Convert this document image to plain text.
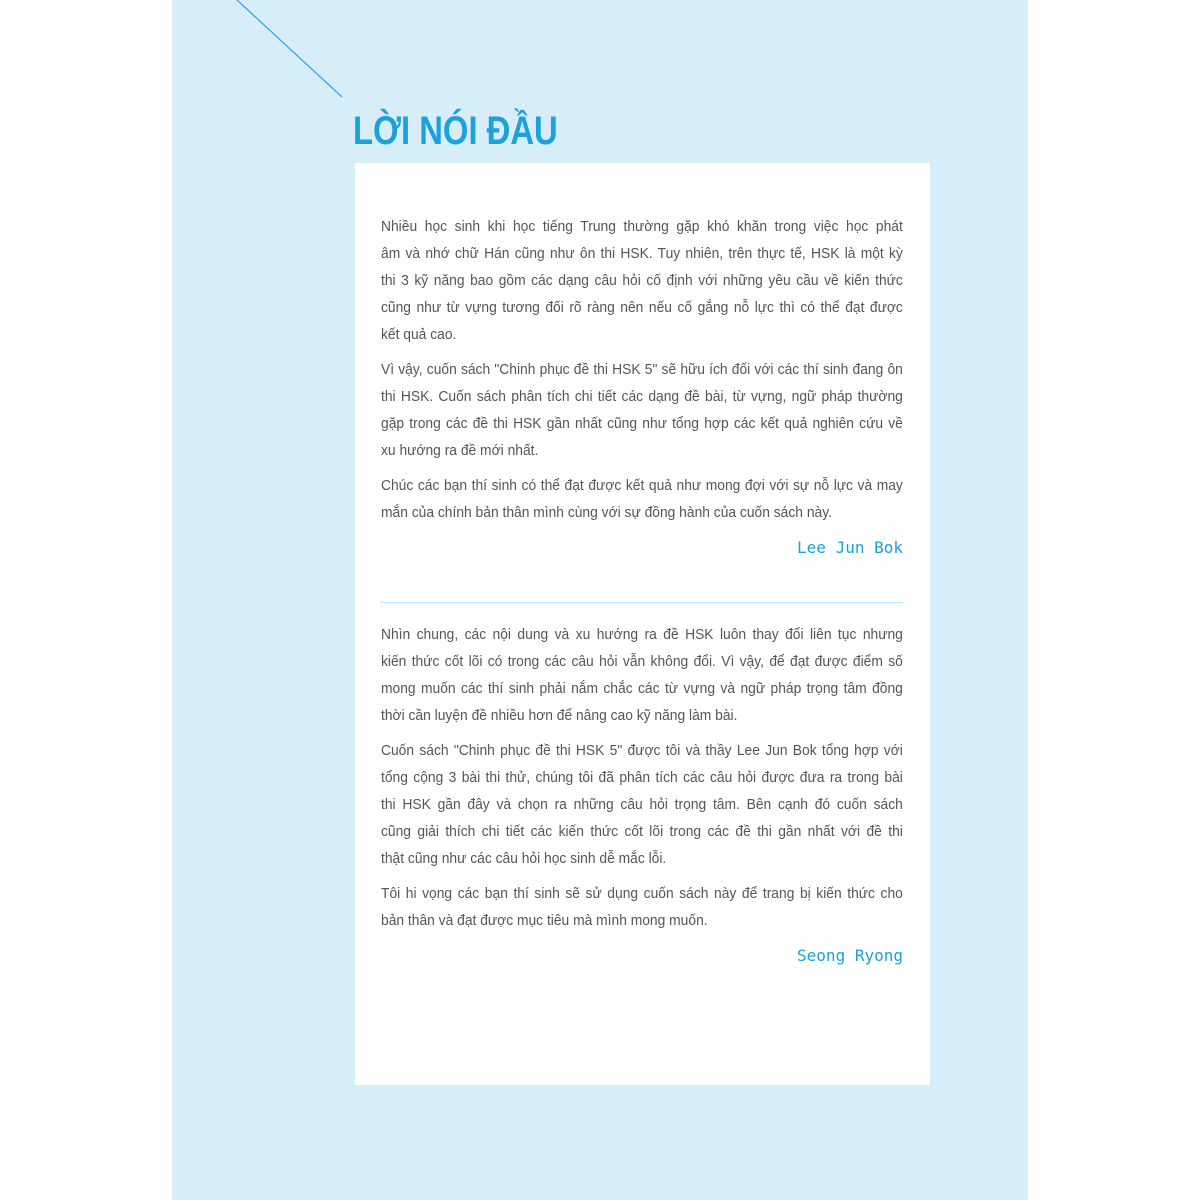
LỜI NÓI ĐẦU

Nhiều học sinh khi học tiếng Trung thường gặp khó khăn trong việc học phát
âm và nhớ chữ Hán cũng như ôn thi HSK. Tuy nhiên, trên thực tế, HSK là một kỳ
thi 3 kỹ năng bao gồm các dạng câu hỏi cố định với những yêu cầu về kiến thức
cũng như từ vựng tương đối rõ ràng nên nếu cố gắng nỗ lực thì có thể đạt được
kết quả cao.

Vì vậy, cuốn sách "Chinh phục đề thi HSK 5" sẽ hữu ích đối với các thí sinh đang ôn
thi HSK. Cuốn sách phân tích chi tiết các dạng đề bài, từ vựng, ngữ pháp thường
gặp trong các đề thi HSK gần nhất cũng như tổng hợp các kết quả nghiên cứu về
xu hướng ra đề mới nhất.

Chúc các bạn thí sinh có thể đạt được kết quả như mong đợi với sự nỗ lực và may
mắn của chính bản thân mình cùng với sự đồng hành của cuốn sách này.

Lee Jun Bok

Nhìn chung, các nội dung và xu hướng ra đề HSK luôn thay đổi liên tục nhưng
kiến thức cốt lõi có trong các câu hỏi vẫn không đổi. Vì vậy, để đạt được điểm số
mong muốn các thí sinh phải nắm chắc các từ vựng và ngữ pháp trọng tâm đồng
thời cần luyện đề nhiều hơn để nâng cao kỹ năng làm bài.

Cuốn sách "Chinh phục đề thi HSK 5" được tôi và thầy Lee Jun Bok tổng hợp với
tổng cộng 3 bài thi thử, chúng tôi đã phân tích các câu hỏi được đưa ra trong bài
thi HSK gần đây và chọn ra những câu hỏi trọng tâm. Bên cạnh đó cuốn sách
cũng giải thích chi tiết các kiến thức cốt lõi trong các đề thi gần nhất với đề thi
thật cũng như các câu hỏi học sinh dễ mắc lỗi.

Tôi hi vọng các bạn thí sinh sẽ sử dụng cuốn sách này để trang bị kiến thức cho
bản thân và đạt được mục tiêu mà mình mong muốn.

Seong Ryong
